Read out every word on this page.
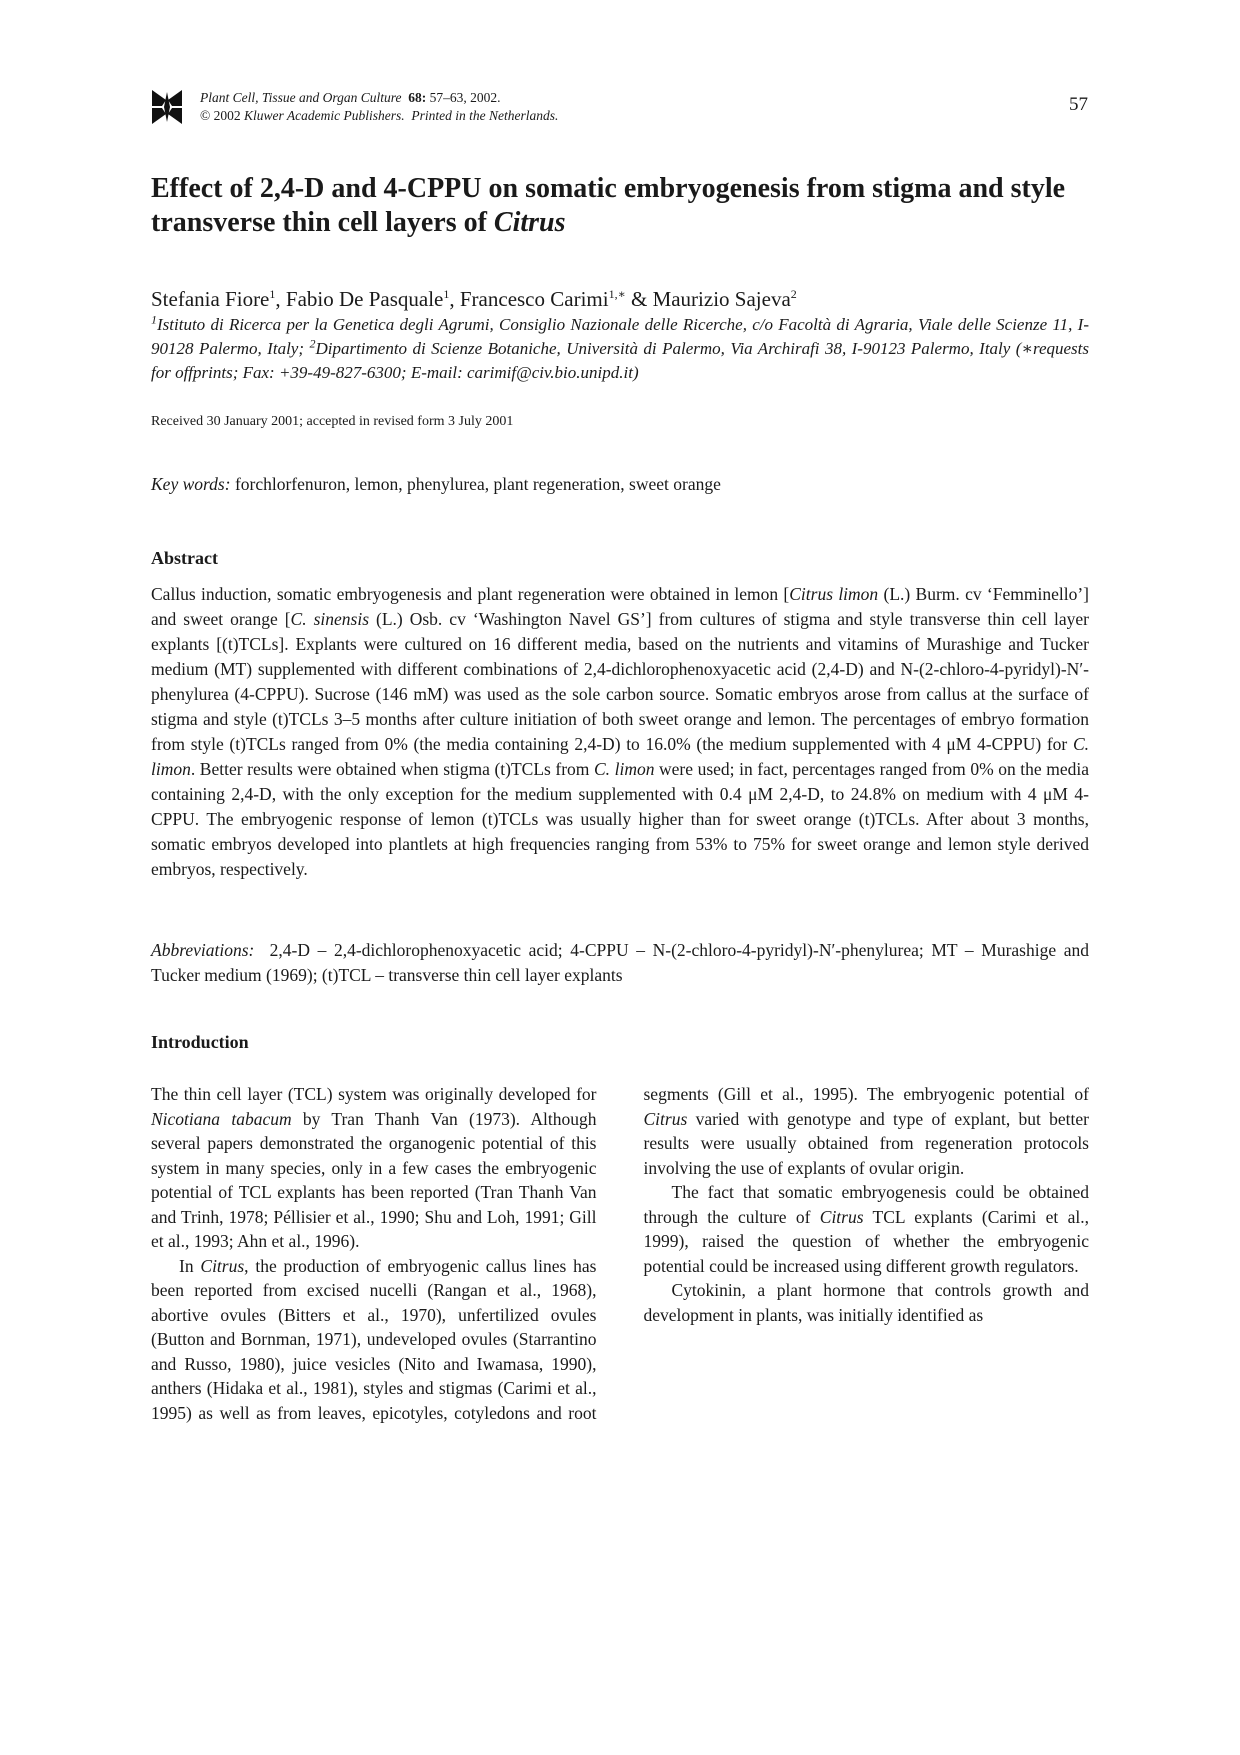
Plant Cell, Tissue and Organ Culture 68: 57–63, 2002.
© 2002 Kluwer Academic Publishers. Printed in the Netherlands.
57
Effect of 2,4-D and 4-CPPU on somatic embryogenesis from stigma and style transverse thin cell layers of Citrus
Stefania Fiore$^1$, Fabio De Pasquale$^1$, Francesco Carimi$^{1,∗}$ & Maurizio Sajeva$^2$
$^1$Istituto di Ricerca per la Genetica degli Agrumi, Consiglio Nazionale delle Ricerche, c/o Facoltà di Agraria, Viale delle Scienze 11, I-90128 Palermo, Italy; $^2$Dipartimento di Scienze Botaniche, Università di Palermo, Via Archirafi 38, I-90123 Palermo, Italy (∗requests for offprints; Fax: +39-49-827-6300; E-mail: carimif@civ.bio.unipd.it)
Received 30 January 2001; accepted in revised form 3 July 2001
Key words: forchlorfenuron, lemon, phenylurea, plant regeneration, sweet orange
Abstract
Callus induction, somatic embryogenesis and plant regeneration were obtained in lemon [Citrus limon (L.) Burm. cv ‘Femminello’] and sweet orange [C. sinensis (L.) Osb. cv ‘Washington Navel GS’] from cultures of stigma and style transverse thin cell layer explants [(t)TCLs]. Explants were cultured on 16 different media, based on the nutrients and vitamins of Murashige and Tucker medium (MT) supplemented with different combinations of 2,4-dichlorophenoxyacetic acid (2,4-D) and N-(2-chloro-4-pyridyl)-N′-phenylurea (4-CPPU). Sucrose (146 mM) was used as the sole carbon source. Somatic embryos arose from callus at the surface of stigma and style (t)TCLs 3–5 months after culture initiation of both sweet orange and lemon. The percentages of embryo formation from style (t)TCLs ranged from 0% (the media containing 2,4-D) to 16.0% (the medium supplemented with 4 μM 4-CPPU) for C. limon. Better results were obtained when stigma (t)TCLs from C. limon were used; in fact, percentages ranged from 0% on the media containing 2,4-D, with the only exception for the medium supplemented with 0.4 μM 2,4-D, to 24.8% on medium with 4 μM 4-CPPU. The embryogenic response of lemon (t)TCLs was usually higher than for sweet orange (t)TCLs. After about 3 months, somatic embryos developed into plantlets at high frequencies ranging from 53% to 75% for sweet orange and lemon style derived embryos, respectively.
Abbreviations:  2,4-D – 2,4-dichlorophenoxyacetic acid; 4-CPPU – N-(2-chloro-4-pyridyl)-N′-phenylurea; MT – Murashige and Tucker medium (1969); (t)TCL – transverse thin cell layer explants
Introduction

The thin cell layer (TCL) system was originally developed for Nicotiana tabacum by Tran Thanh Van (1973). Although several papers demonstrated the organogenic potential of this system in many species, only in a few cases the embryogenic potential of TCL explants has been reported (Tran Thanh Van and Trinh, 1978; Péllisier et al., 1990; Shu and Loh, 1991; Gill et al., 1993; Ahn et al., 1996).

In Citrus, the production of embryogenic callus lines has been reported from excised nucelli (Rangan et al., 1968), abortive ovules (Bitters et al., 1970), unfertilized ovules (Button and Bornman, 1971), undeveloped ovules (Starrantino and Russo, 1980), juice vesicles (Nito and Iwamasa, 1990), anthers (Hidaka et al., 1981), styles and stigmas (Carimi et al., 1995) as well as from leaves, epicotyles, cotyledons and root segments (Gill et al., 1995). The embryogenic potential of Citrus varied with genotype and type of explant, but better results were usually obtained from regeneration protocols involving the use of explants of ovular origin.

The fact that somatic embryogenesis could be obtained through the culture of Citrus TCL explants (Carimi et al., 1999), raised the question of whether the embryogenic potential could be increased using different growth regulators.

Cytokinin, a plant hormone that controls growth and development in plants, was initially identified as
